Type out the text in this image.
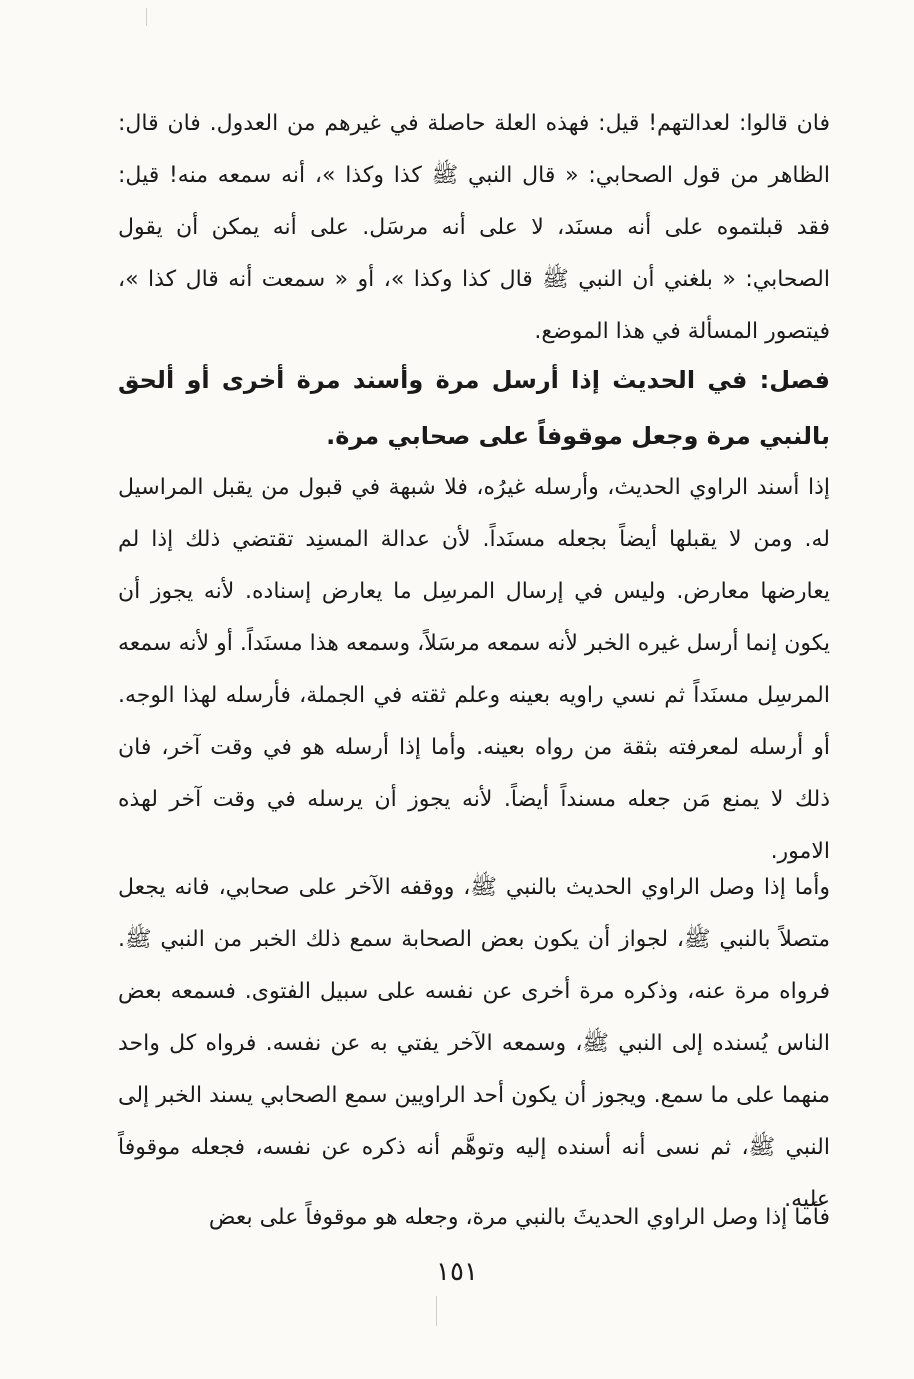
فان قالوا: لعدالتهم! قيل: فهذه العلة حاصلة في غيرهم من العدول. فان قال: الظاهر من قول الصحابي: « قال النبي ﷺ كذا وكذا »، أنه سمعه منه! قيل: فقد قبلتموه على أنه مسنَد، لا على أنه مرسَل. على أنه يمكن أن يقول الصحابي: « بلغني أن النبي ﷺ قال كذا وكذا »، أو « سمعت أنه قال كذا »، فيتصور المسألة في هذا الموضع.

فصل: في الحديث إذا أرسل مرة وأسند مرة أخرى أو ألحق بالنبي مرة وجعل موقوفاً على صحابي مرة.

إذا أسند الراوي الحديث، وأرسله غيرُه، فلا شبهة في قبول من يقبل المراسيل له. ومن لا يقبلها أيضاً بجعله مسنَداً. لأن عدالة المسنِد تقتضي ذلك إذا لم يعارضها معارض. وليس في إرسال المرسِل ما يعارض إسناده. لأنه يجوز أن يكون إنما أرسل غيره الخبر لأنه سمعه مرسَلاً، وسمعه هذا مسنَداً. أو لأنه سمعه المرسِل مسنَداً ثم نسي راويه بعينه وعلم ثقته في الجملة، فأرسله لهذا الوجه. أو أرسله لمعرفته بثقة من رواه بعينه. وأما إذا أرسله هو في وقت آخر، فان ذلك لا يمنع مَن جعله مسنداً أيضاً. لأنه يجوز أن يرسله في وقت آخر لهذه الامور.

وأما إذا وصل الراوي الحديث بالنبي ﷺ، ووقفه الآخر على صحابي، فانه يجعل متصلاً بالنبي ﷺ، لجواز أن يكون بعض الصحابة سمع ذلك الخبر من النبي ﷺ. فرواه مرة عنه، وذكره مرة أخرى عن نفسه على سبيل الفتوى. فسمعه بعض الناس يُسنده إلى النبي ﷺ، وسمعه الآخر يفتي به عن نفسه. فرواه كل واحد منهما على ما سمع. ويجوز أن يكون أحد الراويين سمع الصحابي يسند الخبر إلى النبي ﷺ، ثم نسى أنه أسنده إليه وتوهَّم أنه ذكره عن نفسه، فجعله موقوفاً عليه.

فأما إذا وصل الراوي الحديثَ بالنبي مرة، وجعله هو موقوفاً على بعض

١٥١
